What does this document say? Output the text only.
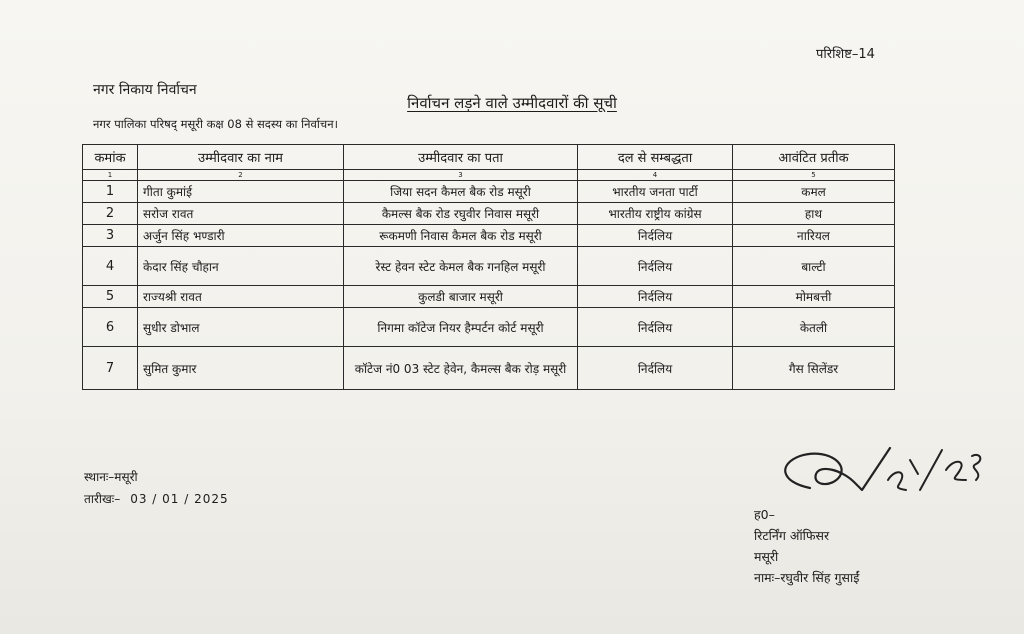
परिशिष्ट–14
नगर निकाय निर्वाचन
निर्वाचन लड़ने वाले उम्मीदवारों की सूची
नगर पालिका परिषद् मसूरी कक्ष 08 से सदस्य का निर्वाचन।
कमांक	उम्मीदवार का नाम	उम्मीदवार का पता	दल से सम्बद्धता	आवंटित प्रतीक
1	2	3	4	5
1	गीता कुमांई	जिया सदन कैमल बैक रोड मसूरी	भारतीय जनता पार्टी	कमल
2	सरोज रावत	कैमल्स बैक रोड रघुवीर निवास मसूरी	भारतीय राष्ट्रीय कांग्रेस	हाथ
3	अर्जुन सिंह भण्डारी	रूकमणी निवास कैमल बैक रोड मसूरी	निर्दलिय	नारियल
4	केदार सिंह चौहान	रेस्ट हेवन स्टेट केमल बैक गनहिल मसूरी	निर्दलिय	बाल्टी
5	राज्यश्री रावत	कुलडी बाजार मसूरी	निर्दलिय	मोमबत्ती
6	सुधीर डोभाल	निगमा कॉटेज नियर हैम्पर्टन कोर्ट मसूरी	निर्दलिय	केतली
7	सुमित कुमार	कॉटेज नं0 03 स्टेट हेवेन, कैमल्स बैक रोड़ मसूरी	निर्दलिय	गैस सिलेंडर
स्थानः–मसूरी
तारीखः– 03 / 01 / 2025
ह0–
रिटर्निंग ऑफिसर
मसूरी
नामः–रघुवीर सिंह गुसाईं
